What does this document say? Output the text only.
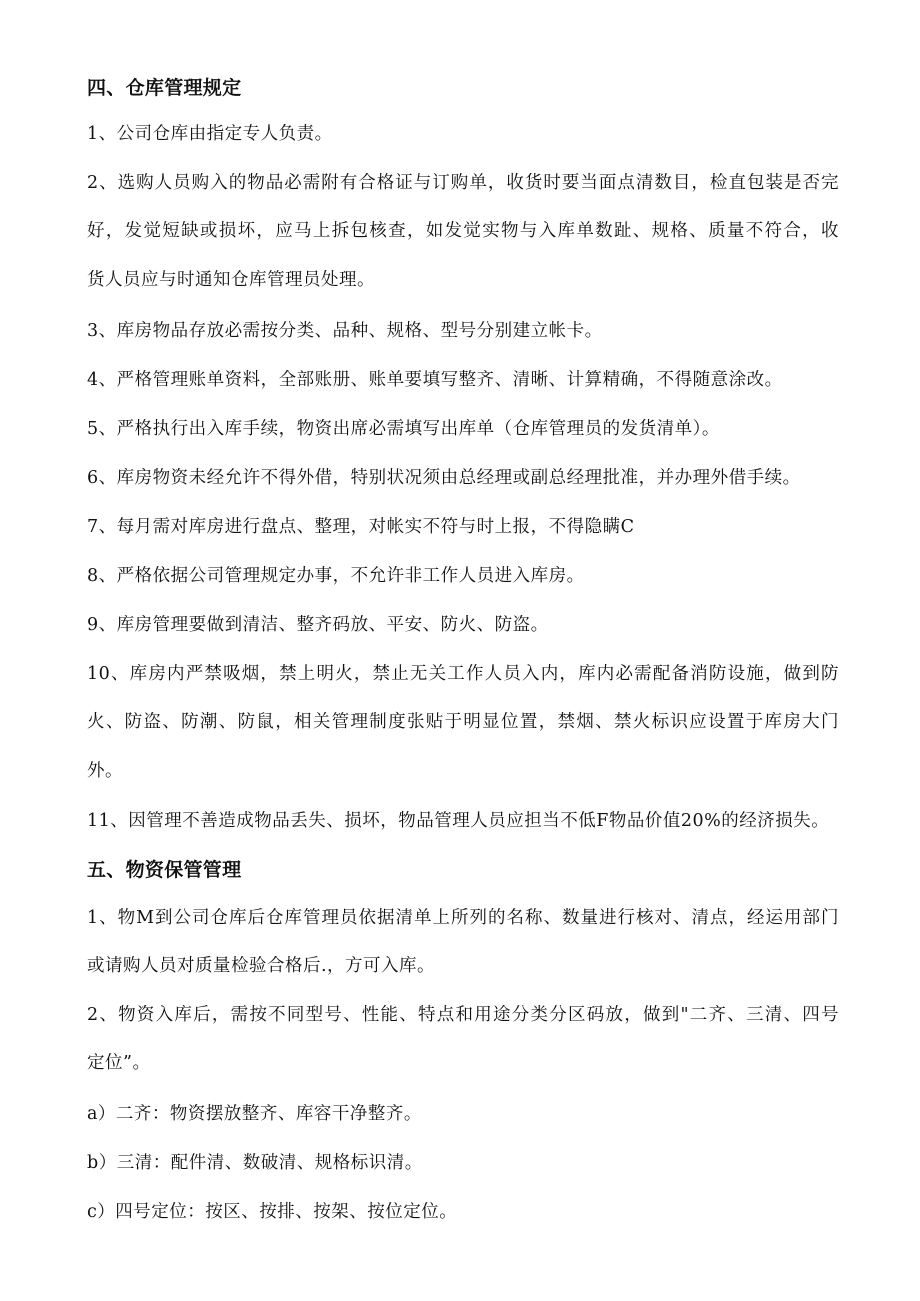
四、仓库管理规定
1、公司仓库由指定专人负责。
2、选购人员购入的物品必需附有合格证与订购单，收货时要当面点清数目，检直包装是否完
好，发觉短缺或损坏，应马上拆包核查，如发觉实物与入库单数趾、规格、质量不符合，收
货人员应与时通知仓库管理员处理。
3、库房物品存放必需按分类、品种、规格、型号分别建立帐卡。
4、严格管理账单资料，全部账册、账单要填写整齐、清晰、计算精确，不得随意涂改。
5、严格执行出入库手续，物资出席必需填写出库单（仓库管理员的发货清单）。
6、库房物资未经允许不得外借，特别状况须由总经理或副总经理批准，并办理外借手续。
7、每月需对库房进行盘点、整理，对帐实不符与时上报，不得隐瞒C
8、严格依据公司管理规定办事，不允许非工作人员进入库房。
9、库房管理要做到清洁、整齐码放、平安、防火、防盗。
10、库房内严禁吸烟，禁上明火，禁止无关工作人员入内，库内必需配备消防设施，做到防
火、防盗、防潮、防鼠，相关管理制度张贴于明显位置，禁烟、禁火标识应设置于库房大门
外。
11、因管理不善造成物品丢失、损坏，物品管理人员应担当不低F物品价值20%的经济损失。
五、物资保管管理
1、物M到公司仓库后仓库管理员依据清单上所列的名称、数量进行核对、清点，经运用部门
或请购人员对质量检验合格后.，方可入库。
2、物资入库后，需按不同型号、性能、特点和用途分类分区码放，做到"二齐、三清、四号
定位”。
a）二齐：物资摆放整齐、库容干净整齐。
b）三清：配件清、数破清、规格标识清。
c）四号定位：按区、按排、按架、按位定位。
